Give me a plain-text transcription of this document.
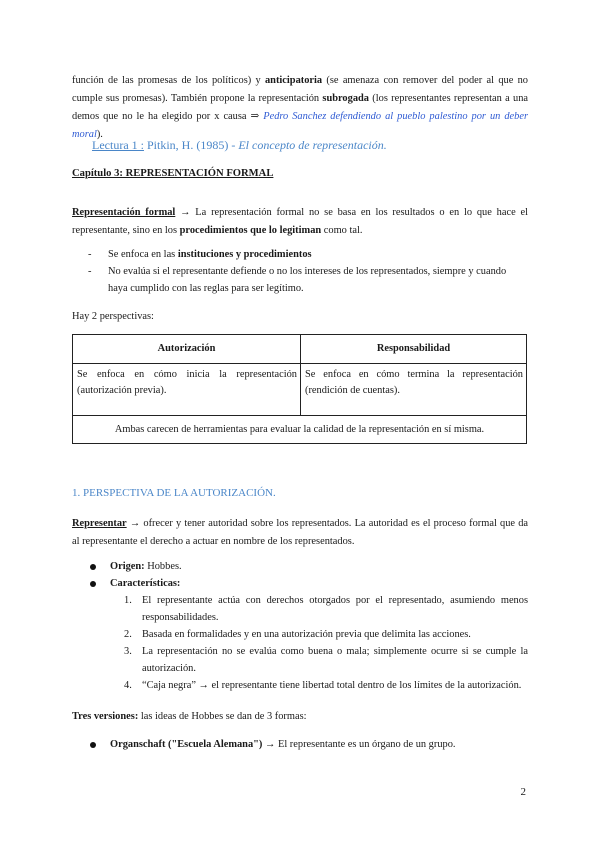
función de las promesas de los políticos) y anticipatoria (se amenaza con remover del poder al que no cumple sus promesas). También propone la representación subrogada (los representantes representan a una demos que no le ha elegido por x causa ⇒ Pedro Sanchez defendiendo al pueblo palestino por un deber moral).
Lectura 1 : Pitkin, H. (1985) - El concepto de representación.
Capítulo 3: REPRESENTACIÓN FORMAL
Representación formal → La representación formal no se basa en los resultados o en lo que hace el representante, sino en los procedimientos que lo legitiman como tal.
- Se enfoca en las instituciones y procedimientos
- No evalúa si el representante defiende o no los intereses de los representados, siempre y cuando haya cumplido con las reglas para ser legítimo.
Hay 2 perspectivas:
Autorización	Responsabilidad
Se enfoca en cómo inicia la representación (autorización previa).
Se enfoca en cómo termina la representación (rendición de cuentas).
Ambas carecen de herramientas para evaluar la calidad de la representación en sí misma.
1. PERSPECTIVA DE LA AUTORIZACIÓN.
Representar → ofrecer y tener autoridad sobre los representados. La autoridad es el proceso formal que da al representante el derecho a actuar en nombre de los representados.
Origen: Hobbes.
Características:
1. El representante actúa con derechos otorgados por el representado, asumiendo menos responsabilidades.
2. Basada en formalidades y en una autorización previa que delimita las acciones.
3. La representación no se evalúa como buena o mala; simplemente ocurre si se cumple la autorización.
4. “Caja negra” → el representante tiene libertad total dentro de los límites de la autorización.
Tres versiones: las ideas de Hobbes se dan de 3 formas:
Organschaft ("Escuela Alemana") → El representante es un órgano de un grupo.
2
